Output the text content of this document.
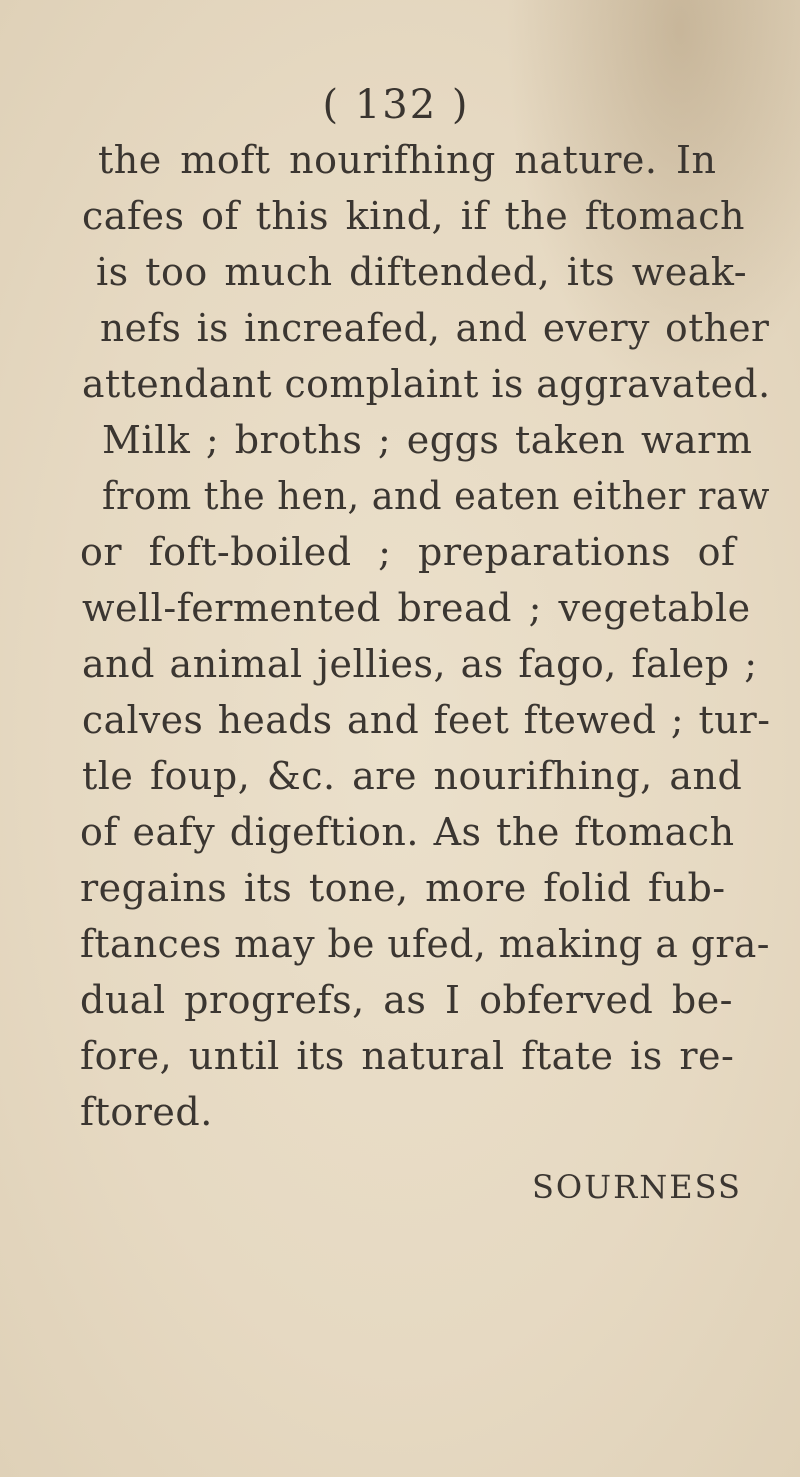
( 132 )
the moft nourifhing nature. In
cafes of this kind, if the ftomach
is too much diftended, its weak-
nefs is increafed, and every other
attendant complaint is aggravated.
Milk ; broths ; eggs taken warm
from the hen, and eaten either raw
or foft-boiled ; preparations of
well-fermented bread ; vegetable
and animal jellies, as fago, falep ;
calves heads and feet ftewed ; tur-
tle foup, &c. are nourifhing, and
of eafy digeftion. As the ftomach
regains its tone, more folid fub-
ftances may be ufed, making a gra-
dual progrefs, as I obferved be-
fore, until its natural ftate is re-
ftored.
SOURNESS
